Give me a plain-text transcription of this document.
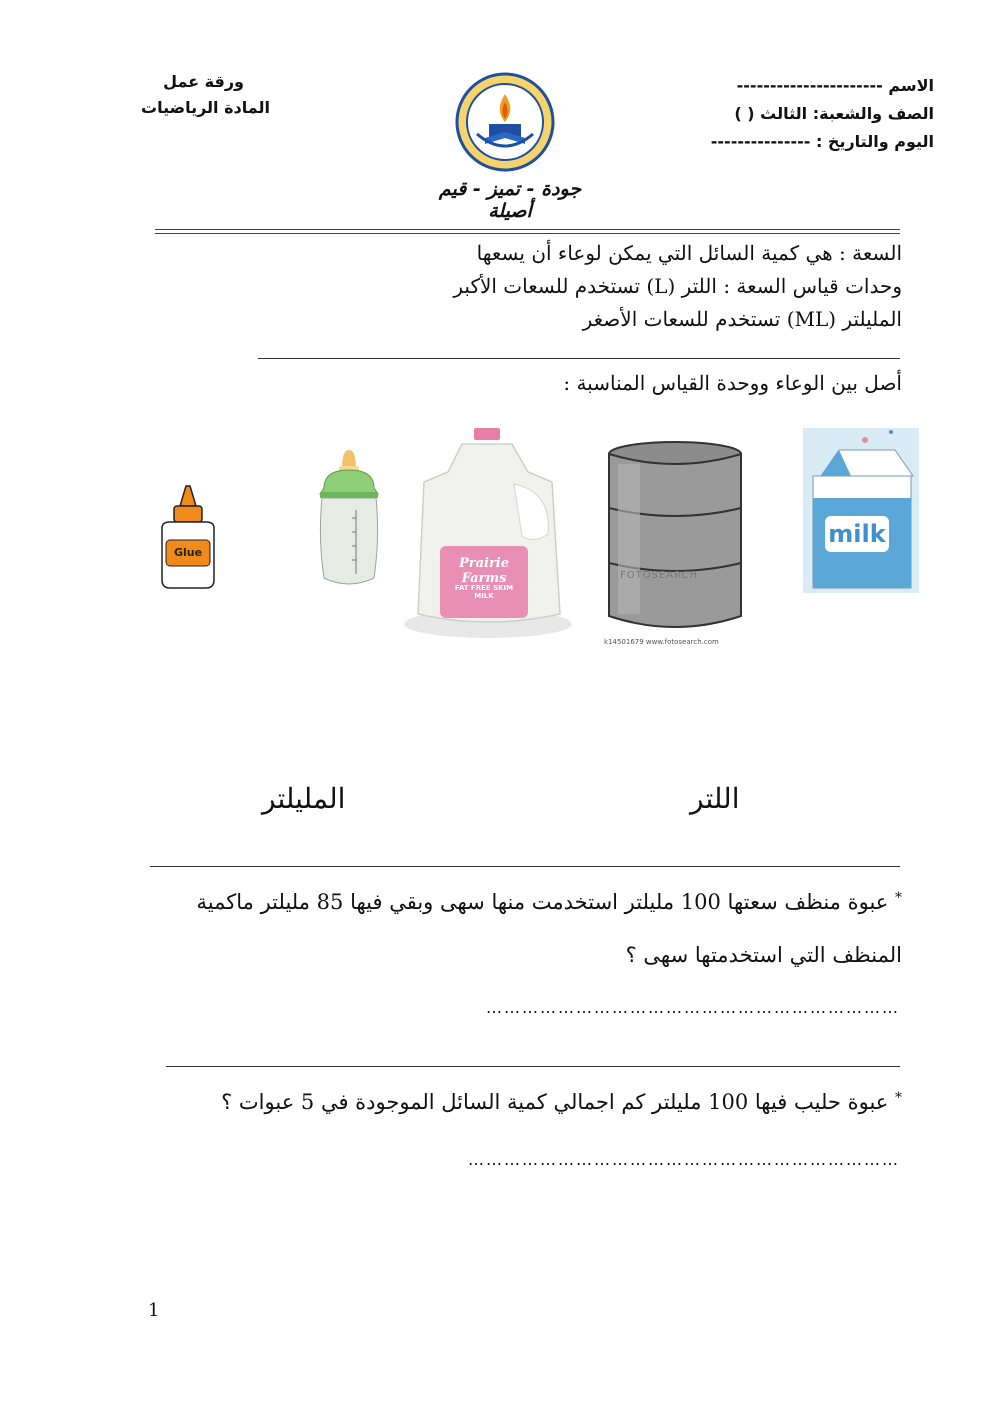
الاسم ----------------------
الصف والشعبة: الثالث ( )
اليوم والتاريخ : ---------------
ورقة عمل
المادة الرياضيات
جودة - تميز - قيم أصيلة
السعة : هي كمية السائل التي يمكن لوعاء أن يسعها
وحدات قياس السعة : اللتر (L) تستخدم للسعات الأكبر
المليلتر (ML) تستخدم للسعات الأصغر
أصل بين الوعاء ووحدة القياس المناسبة :
milk
FOTOSEARCH
k14501679 www.fotosearch.com
Prairie Farms
FAT FREE SKIM MILK
Glue
اللتر
المليلتر
* عبوة منظف سعتها 100 مليلتر استخدمت منها سهى وبقي فيها 85 مليلتر ماكمية
المنظف التي استخدمتها سهى ؟
……………………………………………………………
* عبوة حليب فيها 100 مليلتر كم اجمالي كمية السائل الموجودة في 5 عبوات ؟
………………………………………………………………
1
